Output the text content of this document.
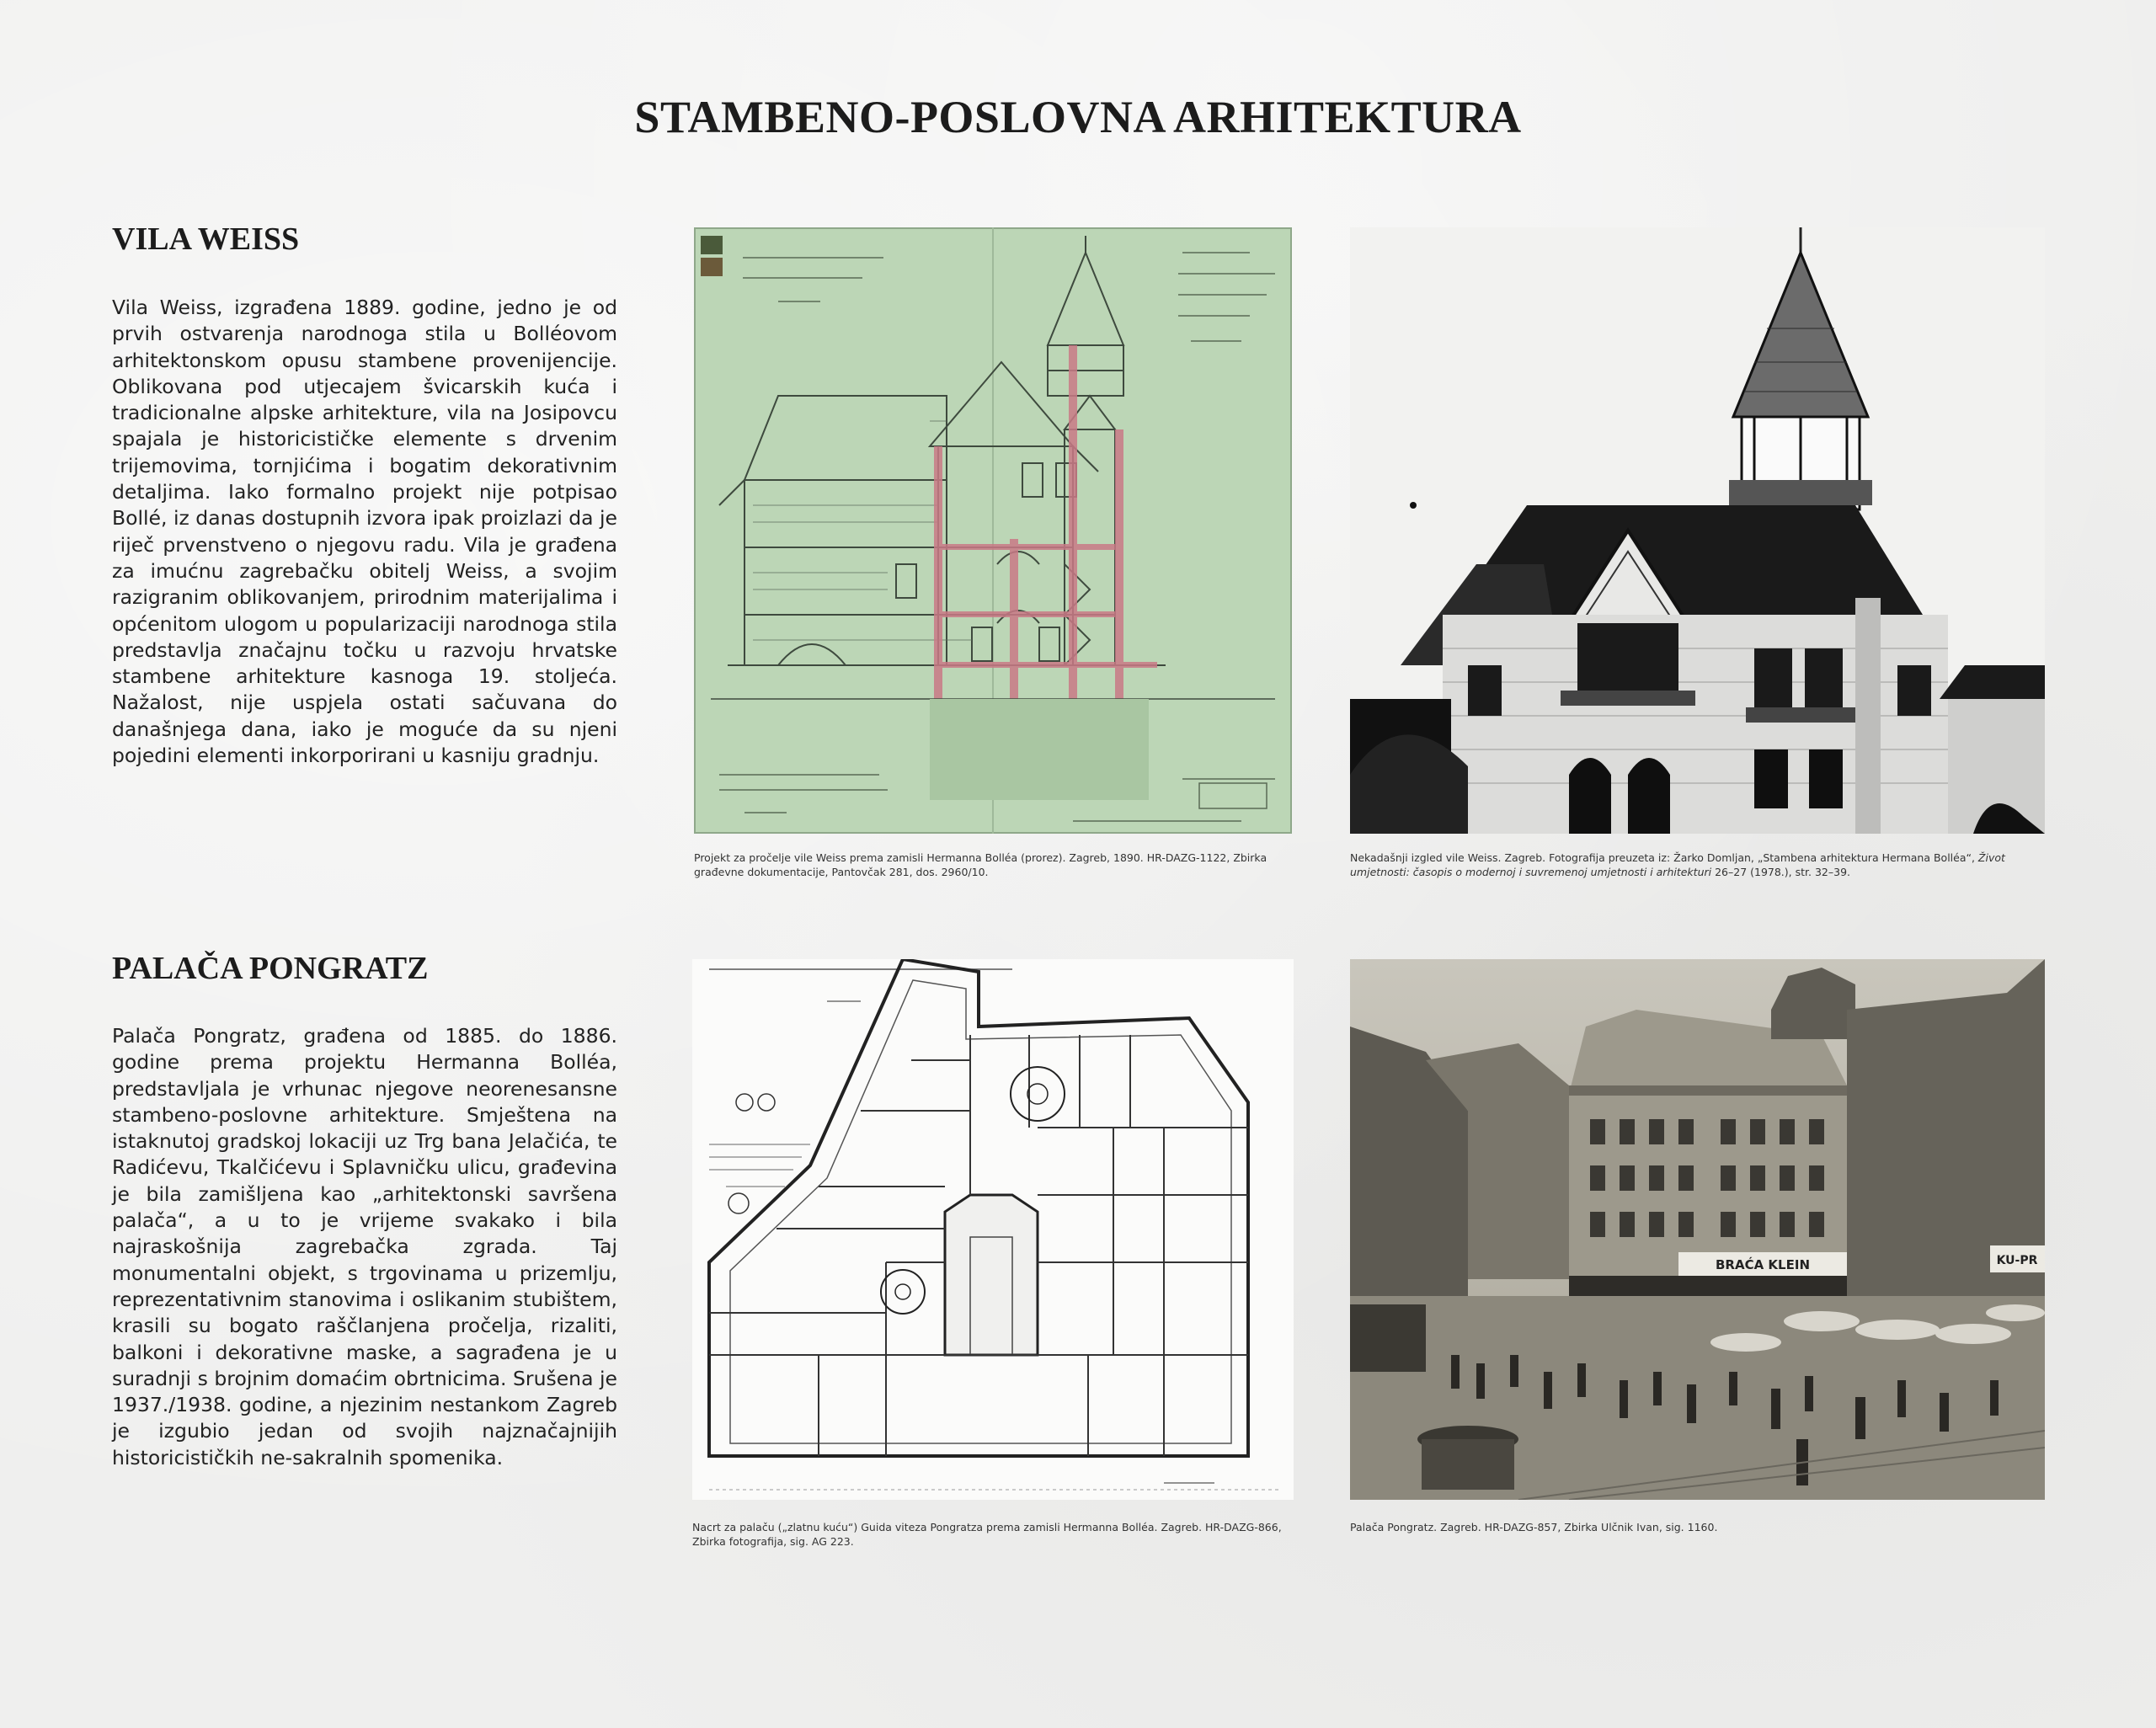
STAMBENO-POSLOVNA ARHITEKTURA
VILA WEISS

Vila Weiss, izgrađena 1889. godine, jedno je od prvih ostvarenja narodnoga stila u Bolléovom arhitektonskom opusu stambene provenijencije. Oblikovana pod utjecajem švicarskih kuća i tradicionalne alpske arhitekture, vila na Josipovcu spajala je historicističke elemente s drvenim trijemovima, tornjićima i bogatim dekorativnim detaljima. Iako formalno projekt nije potpisao Bollé, iz danas dostupnih izvora ipak proizlazi da je riječ prvenstveno o njegovu radu. Vila je građena za imućnu zagrebačku obitelj Weiss, a svojim razigranim oblikovanjem, prirodnim materijalima i općenitom ulogom u popularizaciji narodnoga stila predstavlja značajnu točku u razvoju hrvatske stambene arhitekture kasnoga 19. stoljeća. Nažalost, nije uspjela ostati sačuvana do današnjega dana, iako je moguće da su njeni pojedini elementi inkorporirani u kasniju gradnju.

Projekt za pročelje vile Weiss prema zamisli Hermanna Bolléa (prorez). Zagreb, 1890. HR-DAZG-1122, Zbirka građevne dokumentacije, Pantovčak 281, dos. 2960/10.

Nekadašnji izgled vile Weiss. Zagreb. Fotografija preuzeta iz: Žarko Domljan, „Stambena arhitektura Hermana Bolléa“, Život umjetnosti: časopis o modernoj i suvremenoj umjetnosti i arhitekturi 26–27 (1978.), str. 32–39.

PALAČA PONGRATZ

Palača Pongratz, građena od 1885. do 1886. godine prema projektu Hermanna Bolléa, predstavljala je vrhunac njegove neorenesansne stambeno-poslovne arhitekture. Smještena na istaknutoj gradskoj lokaciji uz Trg bana Jelačića, te Radićevu, Tkalčićevu i Splavničku ulicu, građevina je bila zamišljena kao „arhitektonski savršena palača“, a u to je vrijeme svakako i bila najraskošnija zagrebačka zgrada. Taj monumentalni objekt, s trgovinama u prizemlju, reprezentativnim stanovima i oslikanim stubištem, krasili su bogato raščlanjena pročelja, rizaliti, balkoni i dekorativne maske, a sagrađena je u suradnji s brojnim domaćim obrtnicima. Srušena je 1937./1938. godine, a njezinim nestankom Zagreb je izgubio jedan od svojih najznačajnijih historicističkih ne-sakralnih spomenika.

Nacrt za palaču („zlatnu kuću“) Guida viteza Pongratza prema zamisli Hermanna Bolléa. Zagreb. HR-DAZG-866, Zbirka fotografija, sig. AG 223.

BRAĆA KLEIN	KU-PR

Palača Pongratz. Zagreb. HR-DAZG-857, Zbirka Ulčnik Ivan, sig. 1160.
